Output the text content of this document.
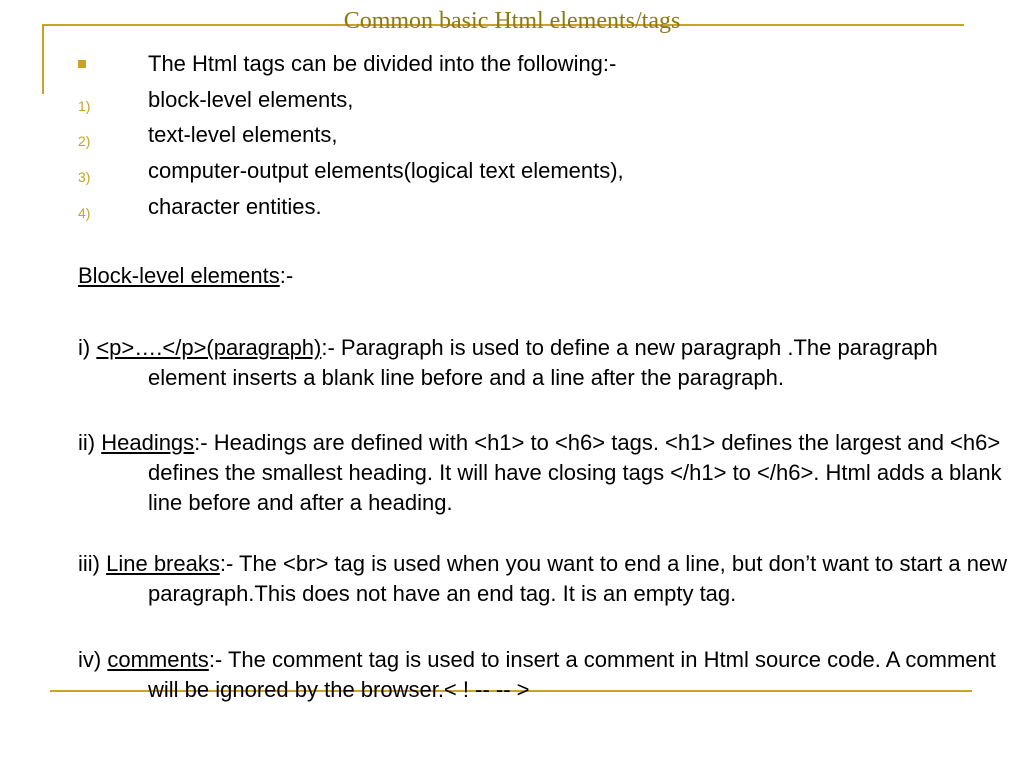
Common basic Html elements/tags
The Html tags can be divided into the following:-
1)	block-level elements,
2)	text-level elements,
3)	computer-output elements(logical text elements),
4)	character entities.
Block-level elements:-

i) <p>….</p>(paragraph):- Paragraph is used to define a new paragraph .The paragraph element inserts a blank line before and a line after the paragraph.

ii) Headings:- Headings are defined with <h1> to <h6> tags. <h1> defines the largest and <h6> defines the smallest heading. It will have closing tags </h1> to </h6>. Html adds a blank line before and after a heading.

iii) Line breaks:- The <br> tag is used when you want to end a line, but don’t want to start a new paragraph.This does not have an end tag. It is an empty tag.

iv) comments:- The comment tag is used to insert a comment in Html source code. A comment will be ignored by the browser.< ! -- -- >
